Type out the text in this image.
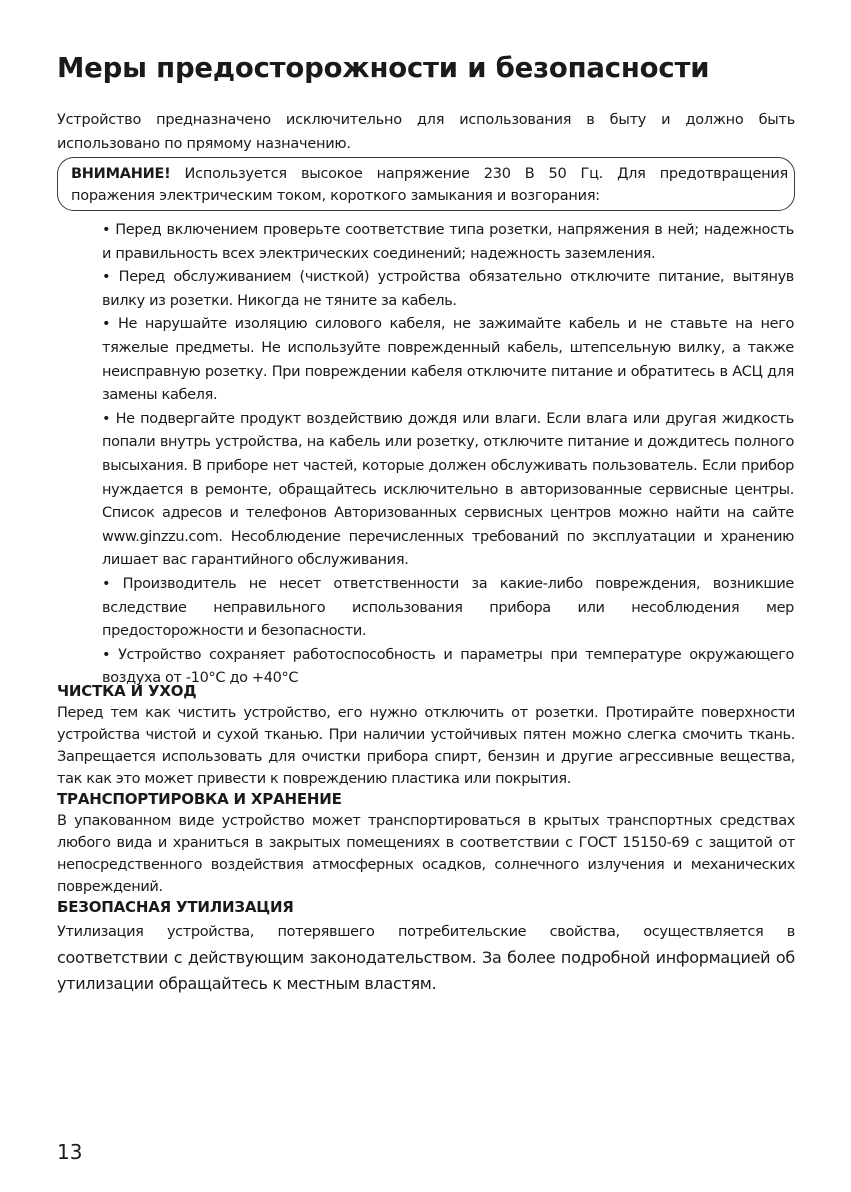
Меры предосторожности и безопасности

Устройство предназначено исключительно для использования в быту и должно быть использовано по прямому назначению.

ВНИМАНИЕ! Используется высокое напряжение 230 В 50 Гц. Для предотвращения поражения электрическим током, короткого замыкания и возгорания:

• Перед включением проверьте соответствие типа розетки, напряжения в ней; надежность и правильность всех электрических соединений; надежность заземления.
• Перед обслуживанием (чисткой) устройства обязательно отключите питание, вытянув вилку из розетки. Никогда не тяните за кабель.
• Не нарушайте изоляцию силового кабеля, не зажимайте кабель и не ставьте на него тяжелые предметы. Не используйте поврежденный кабель, штепсельную вилку, а также неисправную розетку. При повреждении кабеля отключите питание и обратитесь в АСЦ для замены кабеля.
• Не подвергайте продукт воздействию дождя или влаги. Если влага или другая жидкость попали внутрь устройства, на кабель или розетку, отключите питание и дождитесь полного высыхания. В приборе нет частей, которые должен обслуживать пользователь. Если прибор нуждается в ремонте, обращайтесь исключительно в авторизованные сервисные центры. Список адресов и телефонов Авторизованных сервисных центров можно найти на сайте www.ginzzu.com. Несоблюдение перечисленных требований по эксплуатации и хранению лишает вас гарантийного обслуживания.
• Производитель не несет ответственности за какие-либо повреждения, возникшие вследствие неправильного использования прибора или несоблюдения мер предосторожности и безопасности.
• Устройство сохраняет работоспособность и параметры при температуре окружающего воздуха от -10°С до +40°С
ЧИСТКА И УХОД

Перед тем как чистить устройство, его нужно отключить от розетки. Протирайте поверхности устройства чистой и сухой тканью. При наличии устойчивых пятен можно слегка смочить ткань. Запрещается использовать для очистки прибора спирт, бензин и другие агрессивные вещества, так как это может привести к повреждению пластика или покрытия.

ТРАНСПОРТИРОВКА И ХРАНЕНИЕ

В упакованном виде устройство может транспортироваться в крытых транспортных средствах любого вида и храниться в закрытых помещениях в соответствии с ГОСТ 15150-69 с защитой от непосредственного воздействия атмосферных осадков, солнечного излучения и механических повреждений.

БЕЗОПАСНАЯ УТИЛИЗАЦИЯ

Утилизация устройства, потерявшего потребительские свойства, осуществляется в соответствии с действующим законодательством. За более подробной информацией об утилизации обращайтесь к местным властям.

13
